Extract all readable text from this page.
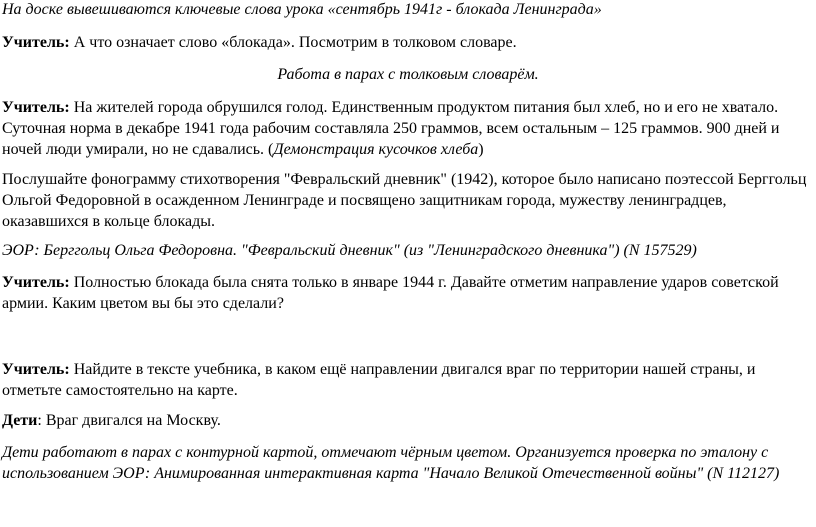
На доске вывешиваются ключевые слова урока «сентябрь 1941г - блокада Ленинграда»

Учитель: А что означает слово «блокада». Посмотрим в толковом словаре.

Работа в парах с толковым словарём.

Учитель: На жителей города обрушился голод. Единственным продуктом питания был хлеб, но и его не хватало. Суточная норма в декабре 1941 года рабочим составляла 250 граммов, всем остальным – 125 граммов. 900 дней и ночей люди умирали, но не сдавались. (Демонстрация кусочков хлеба)

Послушайте фонограмму стихотворения "Февральский дневник" (1942), которое было написано поэтессой Берггольц Ольгой Федоровной в осажденном Ленинграде и посвящено защитникам города, мужеству ленинградцев, оказавшихся в кольце блокады.

ЭОР: Берггольц Ольга Федоровна. "Февральский дневник" (из "Ленинградского дневника") (N 157529)

Учитель: Полностью блокада была снята только в январе 1944 г. Давайте отметим направление ударов советской армии. Каким цветом вы бы это сделали?

Учитель: Найдите в тексте учебника, в каком ещё направлении двигался враг по территории нашей страны, и отметьте самостоятельно на карте.

Дети: Враг двигался на Москву.

Дети работают в парах с контурной картой, отмечают чёрным цветом. Организуется проверка по эталону с использованием ЭОР: Анимированная интерактивная карта "Начало Великой Отечественной войны" (N 112127)
